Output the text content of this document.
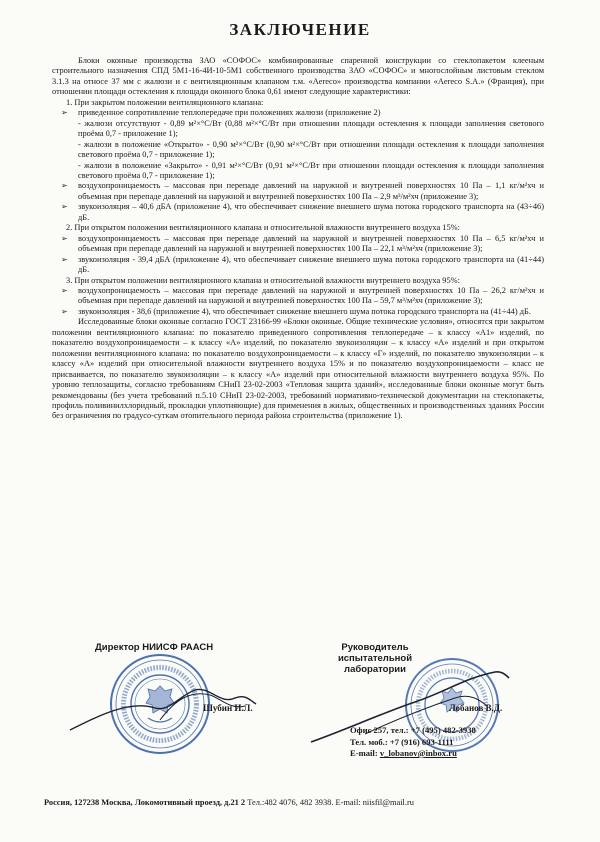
ЗАКЛЮЧЕНИЕ

Блоки оконные производства ЗАО «СОФОС» комбинированные спаренной конструкции со стеклопакетом клееным строительного назначения СПД 5M1-16-4И-10-5M1 собственного производства ЗАО «СОФОС» и многослойным листовым стеклом 3.1.3 на относе 37 мм с жалюзи и с вентиляционным клапаном т.м. «Aereco» производства компании «Aereco S.A.» (Франция), при отношении площади остекления к площади оконного блока 0,61 имеют следующие характеристики:

1. При закрытом положении вентиляционного клапана:

➢ приведенное сопротивление теплопередаче при положениях жалюзи (приложение 2)

- жалюзи отсутствуют - 0,89 м²×°С/Вт (0,88 м²×°С/Вт при отношении площади остекления к площади заполнения светового проёма 0,7 - приложение 1);

- жалюзи в положение «Открыто» - 0,90 м²×°С/Вт (0,90 м²×°С/Вт при отношении площади остекления к площади заполнения светового проёма 0,7 - приложение 1);

- жалюзи в положение «Закрыто» - 0,91 м²×°С/Вт (0,91 м²×°С/Вт при отношении площади остекления к площади заполнения светового проёма 0,7 - приложение 1);

➢ воздухопроницаемость – массовая при перепаде давлений на наружной и внутренней поверхностях 10 Па – 1,1 кг/м²хч и объемная при перепаде давлений на наружной и внутренней поверхностях 100 Па – 2,9 м³/м²хч (приложение 3);

➢ звукоизоляция – 40,6 дБА (приложение 4), что обеспечивает снижение внешнего шума потока городского транспорта на (43÷46) дБ.

2. При открытом положении вентиляционного клапана и относительной влажности внутреннего воздуха 15%:

➢ воздухопроницаемость – массовая при перепаде давлений на наружной и внутренней поверхностях 10 Па – 6,5 кг/м²хч и объемная при перепаде давлений на наружной и внутренней поверхностях 100 Па – 22,1 м³/м²хч (приложение 3);

➢ звукоизоляция - 39,4 дБА (приложение 4), что обеспечивает снижение внешнего шума потока городского транспорта на (41÷44) дБ.

3. При открытом положении вентиляционного клапана и относительной влажности внутреннего воздуха 95%:

➢ воздухопроницаемость – массовая при перепаде давлений на наружной и внутренней поверхностях 10 Па – 26,2 кг/м²хч и объемная при перепаде давлений на наружной и внутренней поверхностях 100 Па – 59,7 м³/м²хч (приложение 3);

➢ звукоизоляция - 38,6 (приложение 4), что обеспечивает снижение внешнего шума потока городского транспорта на (41÷44) дБ.

Исследованные блоки оконные согласно ГОСТ 23166-99 «Блоки оконные. Общие технические условия», относятся при закрытом положении вентиляционного клапана: по показателю приведенного сопротивления теплопередаче – к классу «А1» изделий, по показателю воздухопроницаемости – к классу «А» изделий, по показателю звукоизоляции – к классу «А» изделий и при открытом положении вентиляционного клапана: по показателю воздухопроницаемости – к классу «Г» изделий, по показателю звукоизоляции – к классу «А» изделий при относительной влажности внутреннего воздуха 15% и по показателю воздухопроницаемости – класс не присваивается, по показателю звукоизоляции – к классу «А» изделий при относительной влажности внутреннего воздуха 95%. По уровню теплозащиты, согласно требованиям СНиП 23-02-2003 «Тепловая защита зданий», исследованные блоки оконные могут быть рекомендованы (без учета требований п.5.10 СНиП 23-02-2003, требований нормативно-технической документации на стеклопакеты, профиль поливинилхлоридный, прокладки уплотняющие) для применения в жилых, общественных и производственных зданиях России без ограничения по градусо-суткам отопительного периода района строительства (приложение 1).

Директор НИИСФ РААСН	Руководитель
испытательной лаборатории
Шубин И.Л.	Лобанов В.Д.
Офис 257, тел.: +7 (495) 482-3938
Тел. моб.: +7 (916) 693-1111
E-mail: v_lobanov@inbox.ru
Россия, 127238 Москва, Локомотивный проезд, д.21 2 Тел.:482 4076, 482 3938. E-mail: niisfil@mail.ru
